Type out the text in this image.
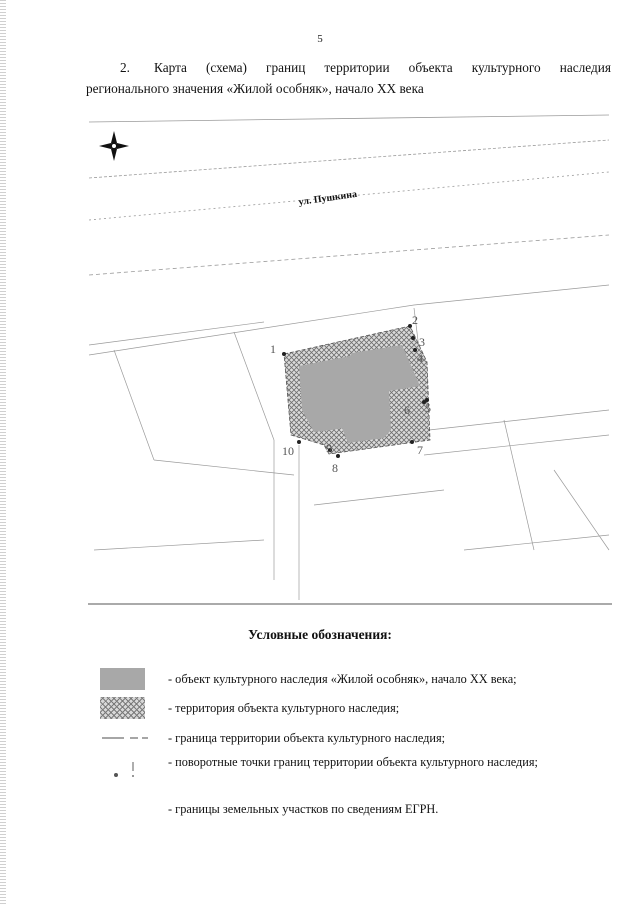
5
2. Карта (схема) границ территории объекта культурного наследия
регионального значения «Жилой особняк», начало XX века
ул. Пушкина
1
2
3
4
5
6
7
8
9
10
Условные обозначения:
- объект культурного наследия «Жилой особняк», начало XX века;
- территория объекта культурного наследия;
- граница территории объекта культурного наследия;
- поворотные точки границ территории объекта культурного наследия;
- границы земельных участков по сведениям ЕГРН.
